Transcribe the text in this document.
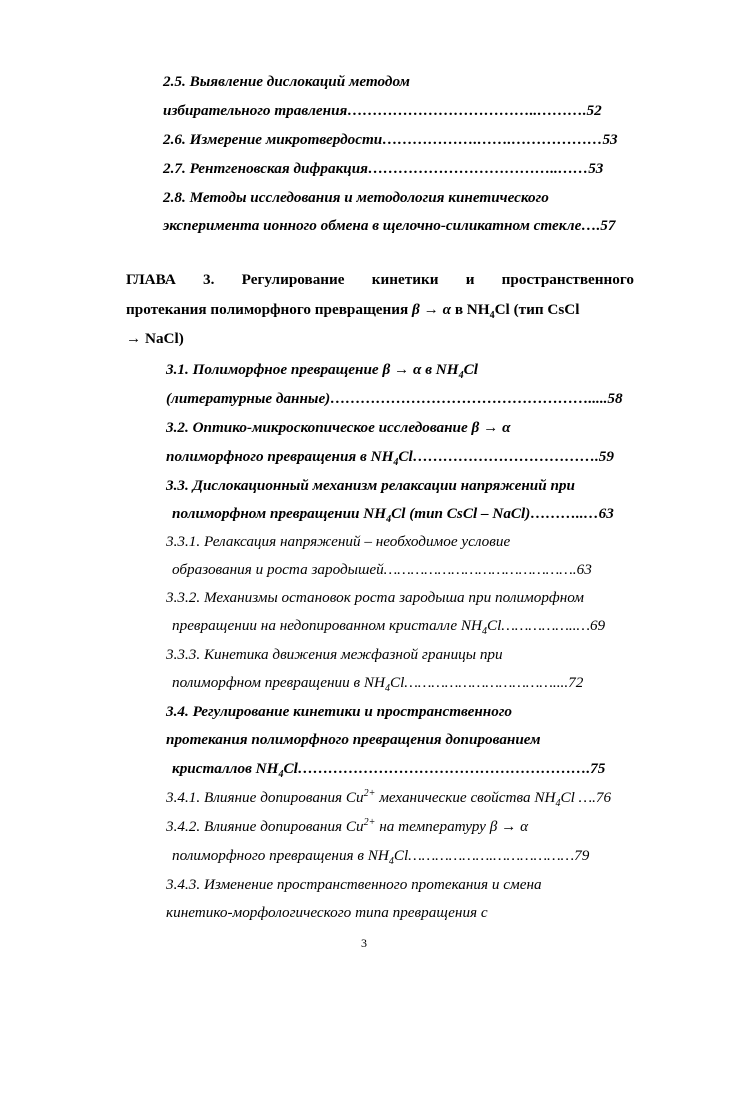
2.5. Выявление дислокаций методом
избирательного травления………………………………..……….52
2.6. Измерение микротвердости……………….…….………………53
2.7. Рентгеновская дифракция………………………………..……53
2.8. Методы исследования и методология кинетического
эксперимента ионного обмена в щелочно-силикатном стекле….57
ГЛАВА 3. Регулирование кинетики и пространственного
протекания полиморфного превращения β → α в $NH_4Cl$ (тип CsCl
→ NaCl)
3.1. Полиморфное превращение β → α в $NH_4Cl$
(литературные данные)…………………………………………….....58
3.2. Оптико-микроскопическое исследование β → α
полиморфного превращения в $NH_4Cl\dots\dots\dots\dots\dots\dots\dots\dots\dots\dots\dots\dots.59$
3.3. Дислокационный механизм релаксации напряжений при
полиморфном превращении $NH_4Cl$ (тип CsCl – NaCl)………..…63
3.3.1. Релаксация напряжений – необходимое условие
образования и роста зародышей…………………………………….63
3.3.2. Механизмы остановок роста зародыша при полиморфном
превращении на недопированном кристалле $NH_4Cl\dots\dots\dots\dots\dots..\dots 69$
3.3.3. Кинетика движения межфазной границы при
полиморфном превращении в $NH_4Cl\dots\dots\dots\dots\dots\dots\dots\dots\dots\dots\dots....72$
3.4. Регулирование кинетики и пространственного
протекания полиморфного превращения допированием
кристаллов $NH_4Cl\dots\dots\dots\dots\dots\dots\dots\dots\dots\dots\dots\dots\dots\dots\dots\dots\dots\dots\dots.75$
3.4.1. Влияние допирования $Cu^{2+}$ механические свойства $NH_4Cl$ ….76
3.4.2. Влияние допирования $Cu^{2+}$ на температуру β → α
полиморфного превращения в $NH_4Cl\dots\dots\dots\dots\dots\dots.\dots\dots\dots\dots\dots\dots 79$
3.4.3. Изменение пространственного протекания и смена
кинетико-морфологического типа превращения с
3
